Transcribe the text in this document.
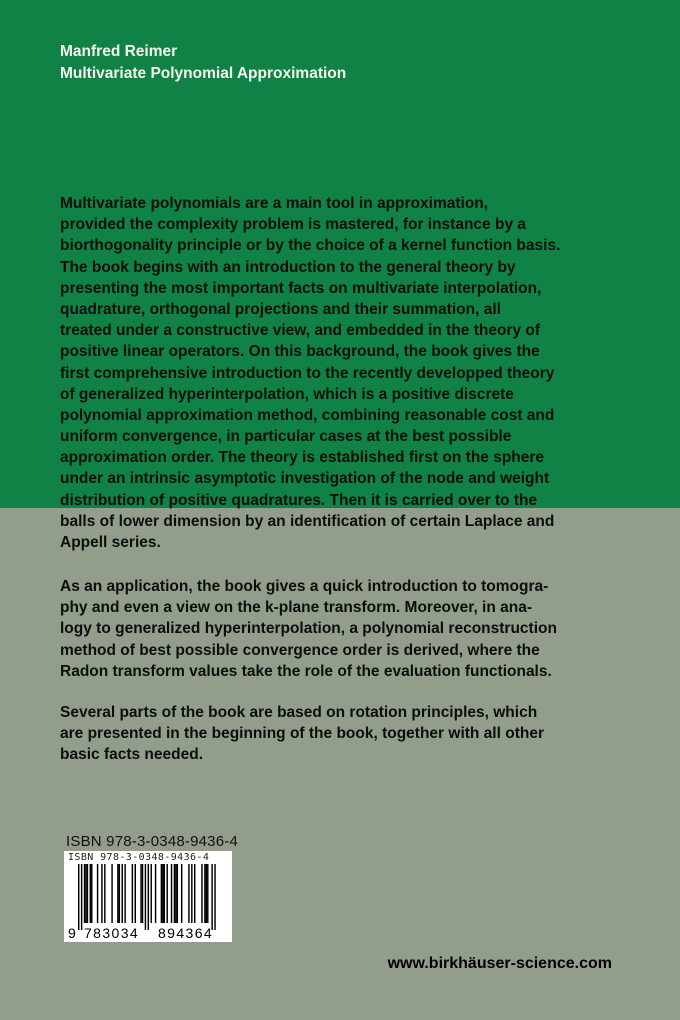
Manfred Reimer
Multivariate Polynomial Approximation
Multivariate polynomials are a main tool in approximation,
provided the complexity problem is mastered, for instance by a
biorthogonality principle or by the choice of a kernel function basis.
The book begins with an introduction to the general theory by
presenting the most important facts on multivariate interpolation,
quadrature, orthogonal projections and their summation, all
treated under a constructive view, and embedded in the theory of
positive linear operators. On this background, the book gives the
first comprehensive introduction to the recently developped theory
of generalized hyperinterpolation, which is a positive discrete
polynomial approximation method, combining reasonable cost and
uniform convergence, in particular cases at the best possible
approximation order. The theory is established first on the sphere
under an intrinsic asymptotic investigation of the node and weight
distribution of positive quadratures. Then it is carried over to the
balls of lower dimension by an identification of certain Laplace and
Appell series.
As an application, the book gives a quick introduction to tomogra-
phy and even a view on the k-plane transform. Moreover, in ana-
logy to generalized hyperinterpolation, a polynomial reconstruction
method of best possible convergence order is derived, where the
Radon transform values take the role of the evaluation functionals.
Several parts of the book are based on rotation principles, which
are presented in the beginning of the book, together with all other
basic facts needed.
ISBN 978-3-0348-9436-4
ISBN 978-3-0348-9436-4
9 783034 894364
www.birkhäuser-science.com
